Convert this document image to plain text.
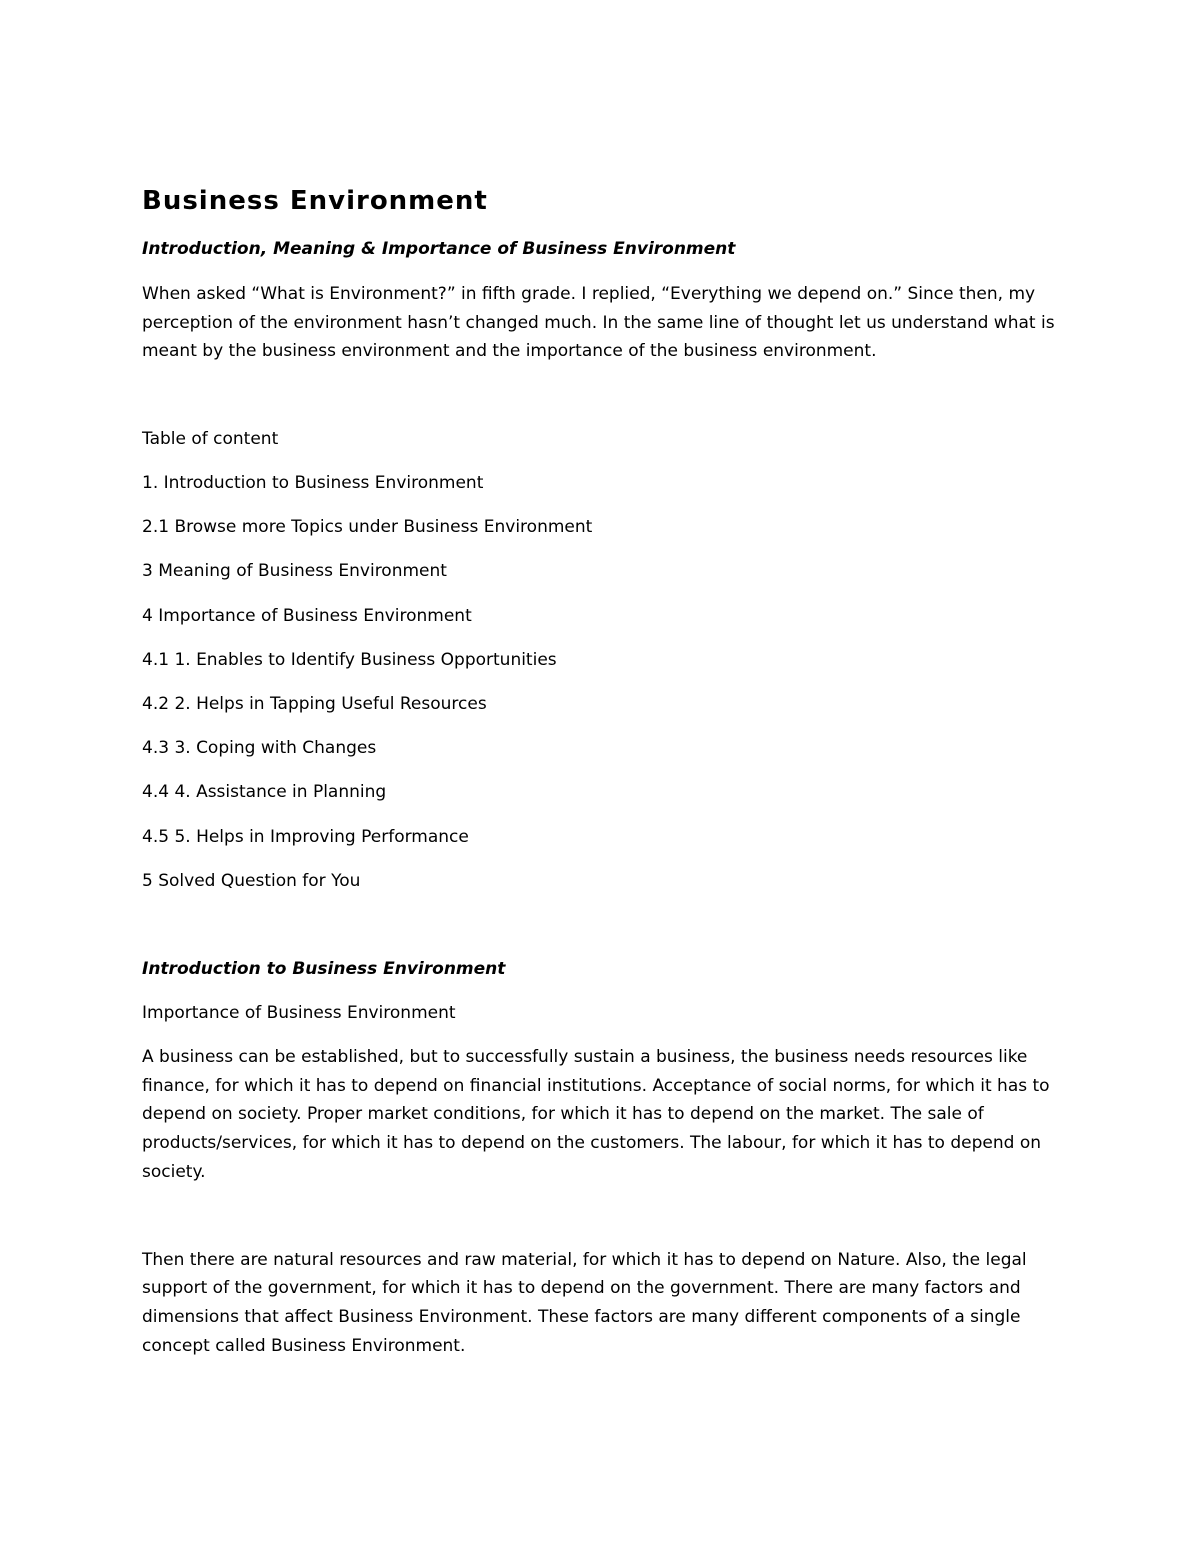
Business Environment

Introduction, Meaning & Importance of Business Environment

When asked “What is Environment?” in fifth grade. I replied, “Everything we depend on.” Since then, my perception of the environment hasn’t changed much. In the same line of thought let us understand what is meant by the business environment and the importance of the business environment.

Table of content

1. Introduction to Business Environment
2.1 Browse more Topics under Business Environment
3 Meaning of Business Environment
4 Importance of Business Environment
4.1 1. Enables to Identify Business Opportunities
4.2 2. Helps in Tapping Useful Resources
4.3 3. Coping with Changes
4.4 4. Assistance in Planning
4.5 5. Helps in Improving Performance
5 Solved Question for You

Introduction to Business Environment

Importance of Business Environment

A business can be established, but to successfully sustain a business, the business needs resources like finance, for which it has to depend on financial institutions. Acceptance of social norms, for which it has to depend on society. Proper market conditions, for which it has to depend on the market. The sale of products/services, for which it has to depend on the customers. The labour, for which it has to depend on society.

Then there are natural resources and raw material, for which it has to depend on Nature. Also, the legal support of the government, for which it has to depend on the government. There are many factors and dimensions that affect Business Environment. These factors are many different components of a single concept called Business Environment.
